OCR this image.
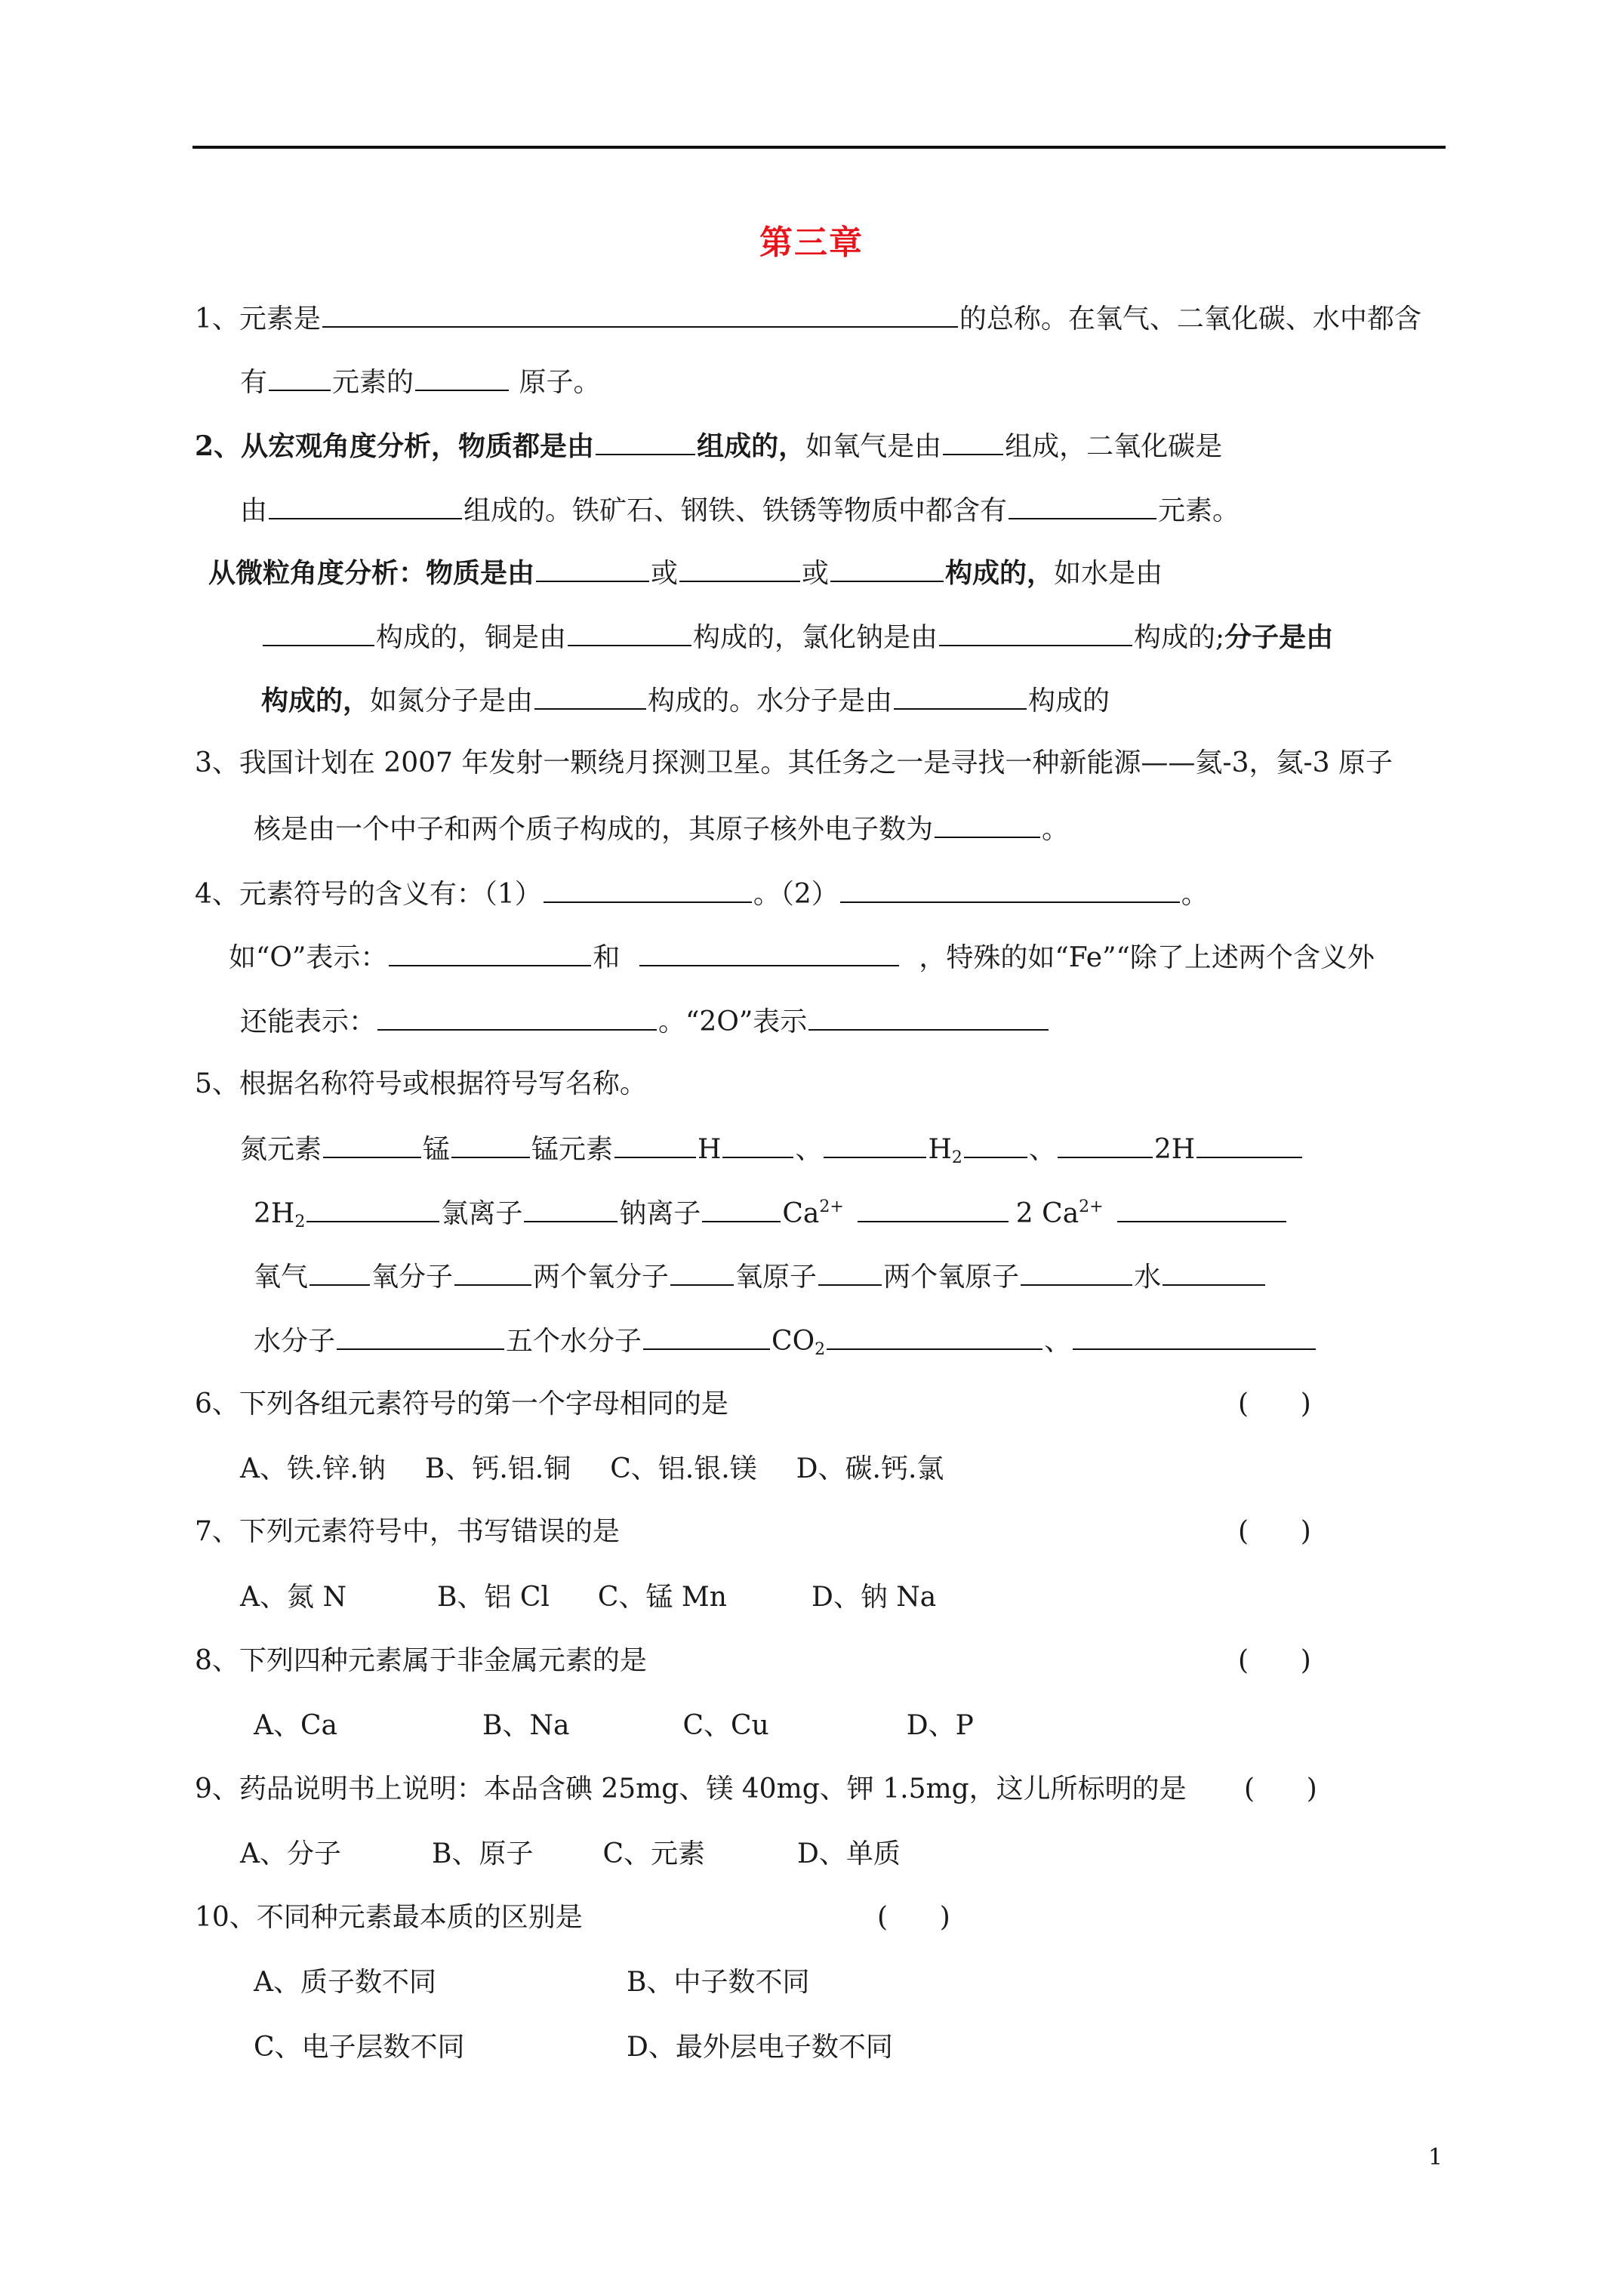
第三章
1、元素是	的总称。在氧气、二氧化碳、水中都含
有 元素的	原子。
2、从宏观角度分析，物质都是由	组成的，如氧气是由 组成，二氧化碳是
由	组成的。铁矿石、钢铁、铁锈等物质中都含有	元素。
从微粒角度分析：物质是由	或	或	构成的，如水是由
构成的，铜是由	构成的，氯化钠是由	构成的;分子是由
构成的，如氮分子是由	构成的。水分子是由	构成的
3、我国计划在 2007 年发射一颗绕月探测卫星。其任务之一是寻找一种新能源——氦-3，氦-3 原子
核是由一个中子和两个质子构成的，其原子核外电子数为	。
4、元素符号的含义有：（1）	。（2）	。
如“O”表示：	和	，特殊的如“Fe”“除了上述两个含义外
还能表示：	。“2O”表示
5、根据名称符号或根据符号写名称。
氮元素	锰	锰元素	H	、	$H_2$ 、	2H
$2H_2$	氯离子	钠离子	$Ca^{2+}$	2 $Ca^{2+}$
氧气 氧分子	两个氧分子 氧原子 两个氧原子	水
水分子	五个水分子	$CO_2$	、
6、下列各组元素符号的第一个字母相同的是	(      )
A、铁.锌.钠 B、钙.铝.铜 C、铝.银.镁 D、碳.钙.氯
7、下列元素符号中，书写错误的是	(      )
A、氮 N	B、铝 Cl C、锰 Mn	D、钠 Na
8、下列四种元素属于非金属元素的是	(      )
A、Ca	B、Na	C、Cu	D、P
9、药品说明书上说明：本品含碘 25mg、镁 40mg、钾 1.5mg，这儿所标明的是 (      )
A、分子	B、原子	C、元素	D、单质
10、不同种元素最本质的区别是	(      )
A、质子数不同	B、中子数不同
C、电子层数不同	D、最外层电子数不同
1
